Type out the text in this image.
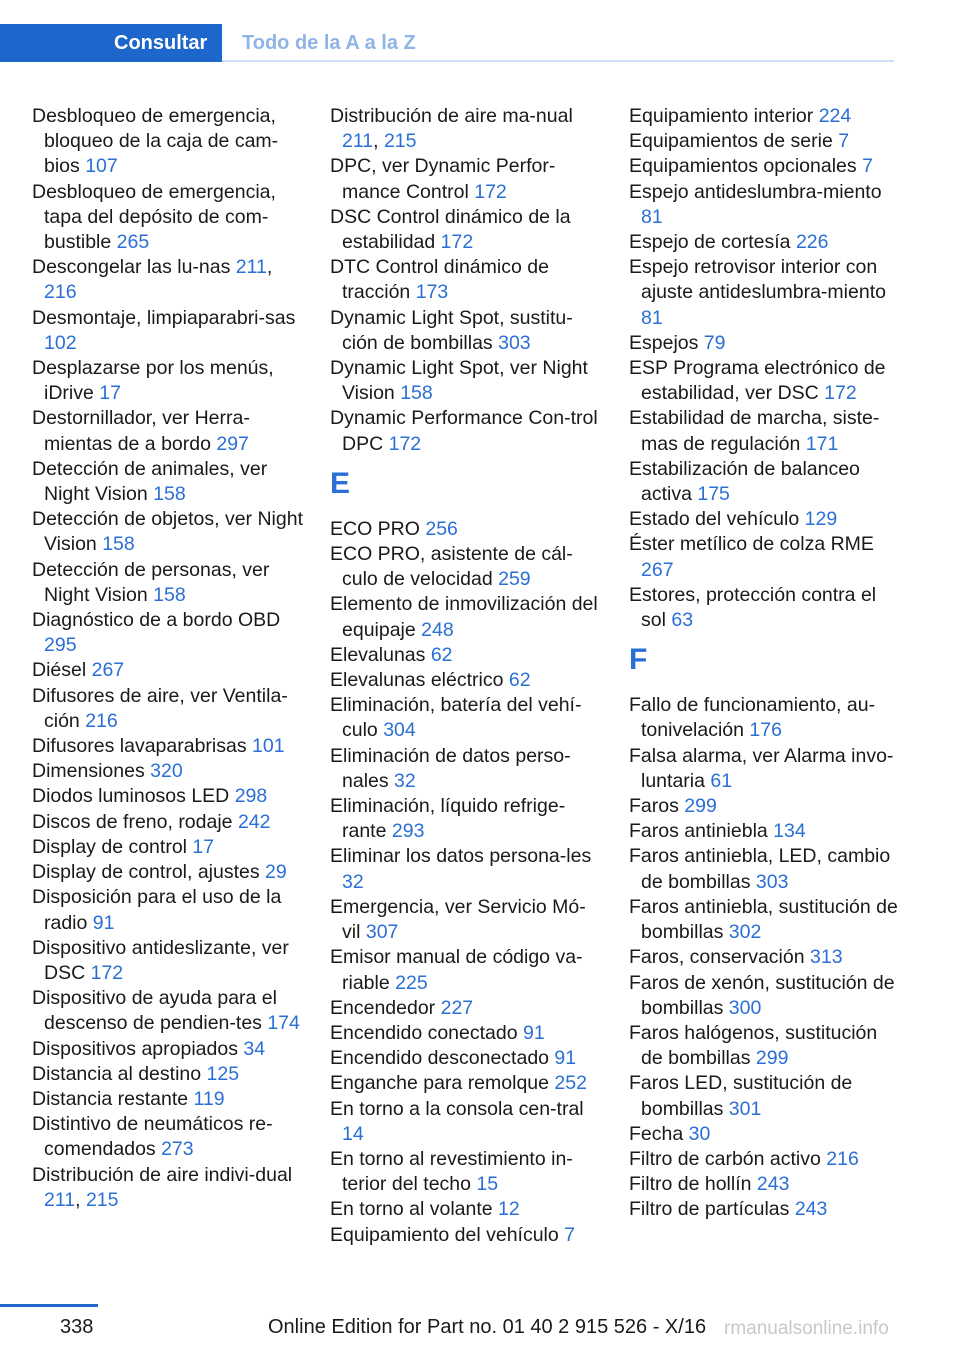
Consultar	Todo de la A a la Z
Desbloqueo de emergencia, bloqueo de la caja de cam-bios 107
Desbloqueo de emergencia, tapa del depósito de com-bustible 265
Descongelar las lu-nas 211, 216
Desmontaje, limpiaparabri-sas 102
Desplazarse por los menús, iDrive 17
Destornillador, ver Herra-mientas de a bordo 297
Detección de animales, ver Night Vision 158
Detección de objetos, ver Night Vision 158
Detección de personas, ver Night Vision 158
Diagnóstico de a bordo OBD 295
Diésel 267
Difusores de aire, ver Ventila-ción 216
Difusores lavaparabrisas 101
Dimensiones 320
Diodos luminosos LED 298
Discos de freno, rodaje 242
Display de control 17
Display de control, ajustes 29
Disposición para el uso de la radio 91
Dispositivo antideslizante, ver DSC 172
Dispositivo de ayuda para el descenso de pendien-tes 174
Dispositivos apropiados 34
Distancia al destino 125
Distancia restante 119
Distintivo de neumáticos re-comendados 273
Distribución de aire indivi-dual 211, 215
Distribución de aire ma-nual 211, 215
DPC, ver Dynamic Perfor-mance Control 172
DSC Control dinámico de la estabilidad 172
DTC Control dinámico de tracción 173
Dynamic Light Spot, sustitu-ción de bombillas 303
Dynamic Light Spot, ver Night Vision 158
Dynamic Performance Con-trol DPC 172
E
ECO PRO 256
ECO PRO, asistente de cál-culo de velocidad 259
Elemento de inmovilización del equipaje 248
Elevalunas 62
Elevalunas eléctrico 62
Eliminación, batería del vehí-culo 304
Eliminación de datos perso-nales 32
Eliminación, líquido refrige-rante 293
Eliminar los datos persona-les 32
Emergencia, ver Servicio Mó-vil 307
Emisor manual de código va-riable 225
Encendedor 227
Encendido conectado 91
Encendido desconectado 91
Enganche para remolque 252
En torno a la consola cen-tral 14
En torno al revestimiento in-terior del techo 15
En torno al volante 12
Equipamiento del vehículo 7
Equipamiento interior 224
Equipamientos de serie 7
Equipamientos opcionales 7
Espejo antideslumbra-miento 81
Espejo de cortesía 226
Espejo retrovisor interior con ajuste antideslumbra-miento 81
Espejos 79
ESP Programa electrónico de estabilidad, ver DSC 172
Estabilidad de marcha, siste-mas de regulación 171
Estabilización de balanceo activa 175
Estado del vehículo 129
Éster metílico de colza RME 267
Estores, protección contra el sol 63
F
Fallo de funcionamiento, au-tonivelación 176
Falsa alarma, ver Alarma invo-luntaria 61
Faros 299
Faros antiniebla 134
Faros antiniebla, LED, cambio de bombillas 303
Faros antiniebla, sustitución de bombillas 302
Faros, conservación 313
Faros de xenón, sustitución de bombillas 300
Faros halógenos, sustitución de bombillas 299
Faros LED, sustitución de bombillas 301
Fecha 30
Filtro de carbón activo 216
Filtro de hollín 243
Filtro de partículas 243
338	Online Edition for Part no. 01 40 2 915 526 - X/16 rmanualsonline.info
